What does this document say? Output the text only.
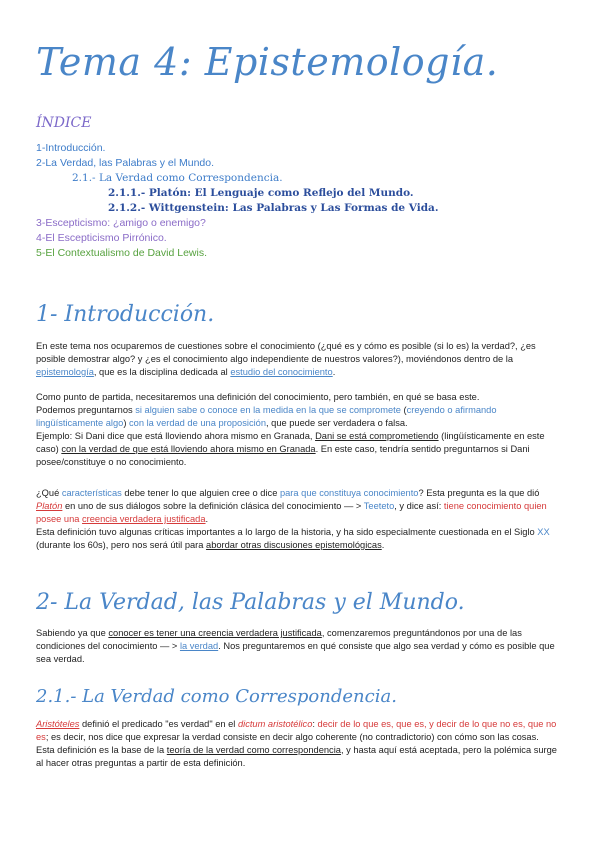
Tema 4: Epistemología.
ÍNDICE
1-Introducción.
2-La Verdad, las Palabras y el Mundo.
2.1.- La Verdad como Correspondencia.
2.1.1.- Platón: El Lenguaje como Reflejo del Mundo.
2.1.2.- Wittgenstein: Las Palabras y Las Formas de Vida.
3-Escepticismo: ¿amigo o enemigo?
4-El Escepticismo Pirrónico.
5-El Contextualismo de David Lewis.
1- Introducción.
En este tema nos ocuparemos de cuestiones sobre el conocimiento (¿qué es y cómo es posible (si lo es) la verdad?, ¿es posible demostrar algo? y ¿es el conocimiento algo independiente de nuestros valores?), moviéndonos dentro de la epistemología, que es la disciplina dedicada al estudio del conocimiento.
Como punto de partida, necesitaremos una definición del conocimiento, pero también, en qué se basa este.
Podemos preguntarnos si alguien sabe o conoce en la medida en la que se compromete (creyendo o afirmando lingüísticamente algo) con la verdad de una proposición, que puede ser verdadera o falsa.
Ejemplo: Si Dani dice que está lloviendo ahora mismo en Granada, Dani se está comprometiendo (lingüísticamente en este caso) con la verdad de que está lloviendo ahora mismo en Granada. En este caso, tendría sentido preguntarnos si Dani posee/constituye o no conocimiento.
¿Qué características debe tener lo que alguien cree o dice para que constituya conocimiento? Esta pregunta es la que dió Platón en uno de sus diálogos sobre la definición clásica del conocimiento — > Teeteto, y dice así: tiene conocimiento quien posee una creencia verdadera justificada.
Esta definición tuvo algunas críticas importantes a lo largo de la historia, y ha sido especialmente cuestionada en el Siglo XX (durante los 60s), pero nos será útil para abordar otras discusiones epistemológicas.
2- La Verdad, las Palabras y el Mundo.
Sabiendo ya que conocer es tener una creencia verdadera justificada, comenzaremos preguntándonos por una de las condiciones del conocimiento — > la verdad. Nos preguntaremos en qué consiste que algo sea verdad y cómo es posible que sea verdad.
2.1.- La Verdad como Correspondencia.
Aristóteles definió el predicado "es verdad" en el dictum aristotélico: decir de lo que es, que es, y decir de lo que no es, que no es; es decir, nos dice que expresar la verdad consiste en decir algo coherente (no contradictorio) con cómo son las cosas.
Esta definición es la base de la teoría de la verdad como correspondencia, y hasta aquí está aceptada, pero la polémica surge al hacer otras preguntas a partir de esta definición.
